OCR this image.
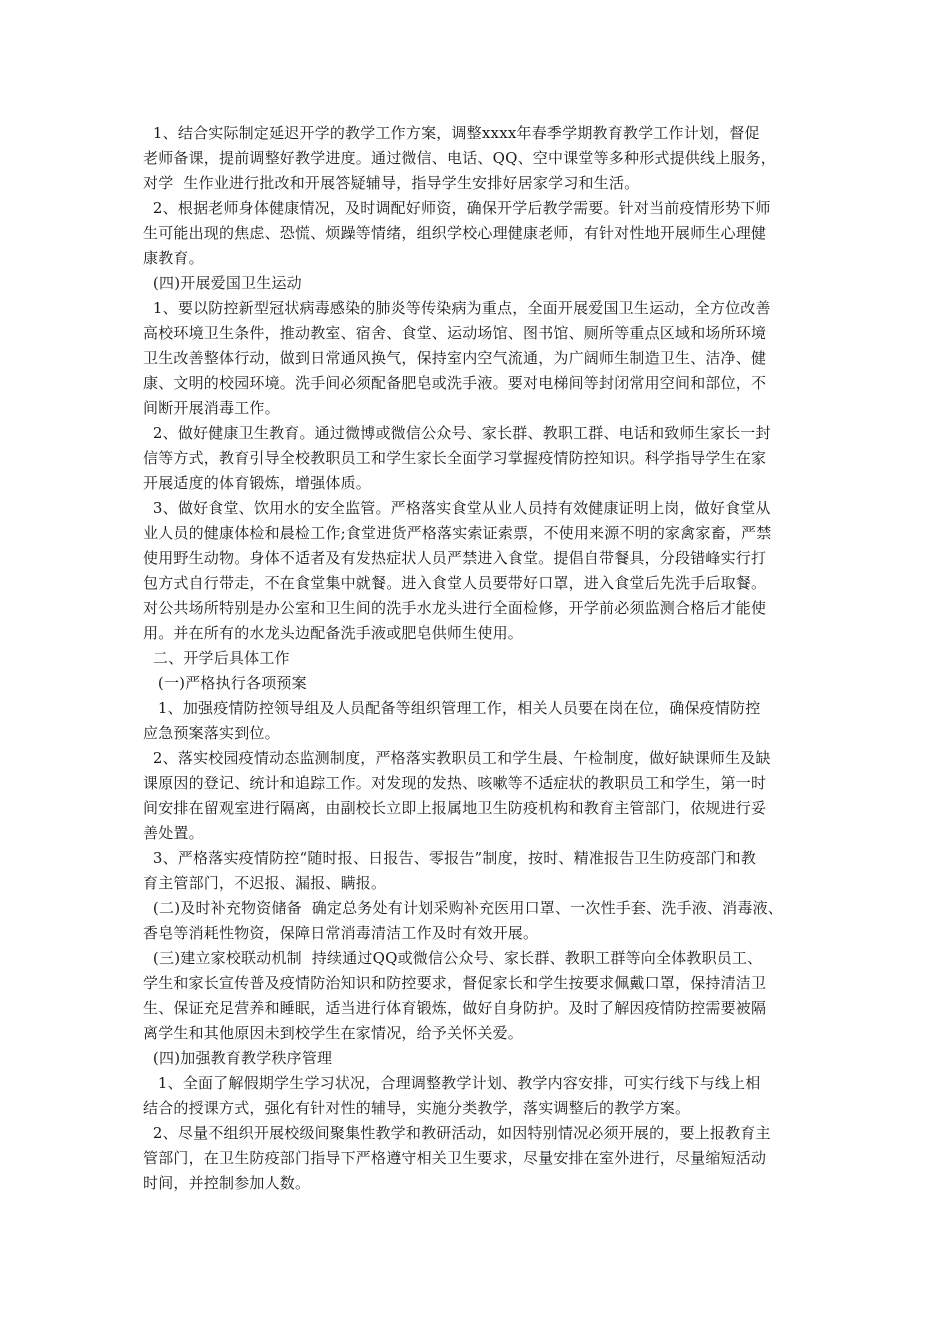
1、结合实际制定延迟开学的教学工作方案，调整xxxx年春季学期教育教学工作计划，督促
老师备课，提前调整好教学进度。通过微信、电话、QQ、空中课堂等多种形式提供线上服务，
对学  生作业进行批改和开展答疑辅导，指导学生安排好居家学习和生活。
2、根据老师身体健康情况，及时调配好师资，确保开学后教学需要。针对当前疫情形势下师
生可能出现的焦虑、恐慌、烦躁等情绪，组织学校心理健康老师，有针对性地开展师生心理健
康教育。
(四)开展爱国卫生运动
1、要以防控新型冠状病毒感染的肺炎等传染病为重点，全面开展爱国卫生运动，全方位改善
高校环境卫生条件，推动教室、宿舍、食堂、运动场馆、图书馆、厕所等重点区域和场所环境
卫生改善整体行动，做到日常通风换气，保持室内空气流通，为广阔师生制造卫生、洁净、健
康、文明的校园环境。洗手间必须配备肥皂或洗手液。要对电梯间等封闭常用空间和部位，不
间断开展消毒工作。
2、做好健康卫生教育。通过微博或微信公众号、家长群、教职工群、电话和致师生家长一封
信等方式，教育引导全校教职员工和学生家长全面学习掌握疫情防控知识。科学指导学生在家
开展适度的体育锻炼，增强体质。
3、做好食堂、饮用水的安全监管。严格落实食堂从业人员持有效健康证明上岗，做好食堂从
业人员的健康体检和晨检工作;食堂进货严格落实索证索票，不使用来源不明的家禽家畜，严禁
使用野生动物。身体不适者及有发热症状人员严禁进入食堂。提倡自带餐具，分段错峰实行打
包方式自行带走，不在食堂集中就餐。进入食堂人员要带好口罩，进入食堂后先洗手后取餐。
对公共场所特别是办公室和卫生间的洗手水龙头进行全面检修，开学前必须监测合格后才能使
用。并在所有的水龙头边配备洗手液或肥皂供师生使用。
二、开学后具体工作
(一)严格执行各项预案
1、加强疫情防控领导组及人员配备等组织管理工作，相关人员要在岗在位，确保疫情防控
应急预案落实到位。
2、落实校园疫情动态监测制度，严格落实教职员工和学生晨、午检制度，做好缺课师生及缺
课原因的登记、统计和追踪工作。对发现的发热、咳嗽等不适症状的教职员工和学生，第一时
间安排在留观室进行隔离，由副校长立即上报属地卫生防疫机构和教育主管部门，依规进行妥
善处置。
3、严格落实疫情防控“随时报、日报告、零报告”制度，按时、精准报告卫生防疫部门和教
育主管部门，不迟报、漏报、瞒报。
(二)及时补充物资储备  确定总务处有计划采购补充医用口罩、一次性手套、洗手液、消毒液、
香皂等消耗性物资，保障日常消毒清洁工作及时有效开展。
(三)建立家校联动机制  持续通过QQ或微信公众号、家长群、教职工群等向全体教职员工、
学生和家长宣传普及疫情防治知识和防控要求，督促家长和学生按要求佩戴口罩，保持清洁卫
生、保证充足营养和睡眠，适当进行体育锻炼，做好自身防护。及时了解因疫情防控需要被隔
离学生和其他原因未到校学生在家情况，给予关怀关爱。
(四)加强教育教学秩序管理
1、全面了解假期学生学习状况，合理调整教学计划、教学内容安排，可实行线下与线上相
结合的授课方式，强化有针对性的辅导，实施分类教学，落实调整后的教学方案。
2、尽量不组织开展校级间聚集性教学和教研活动，如因特别情况必须开展的，要上报教育主
管部门，在卫生防疫部门指导下严格遵守相关卫生要求，尽量安排在室外进行，尽量缩短活动
时间，并控制参加人数。
